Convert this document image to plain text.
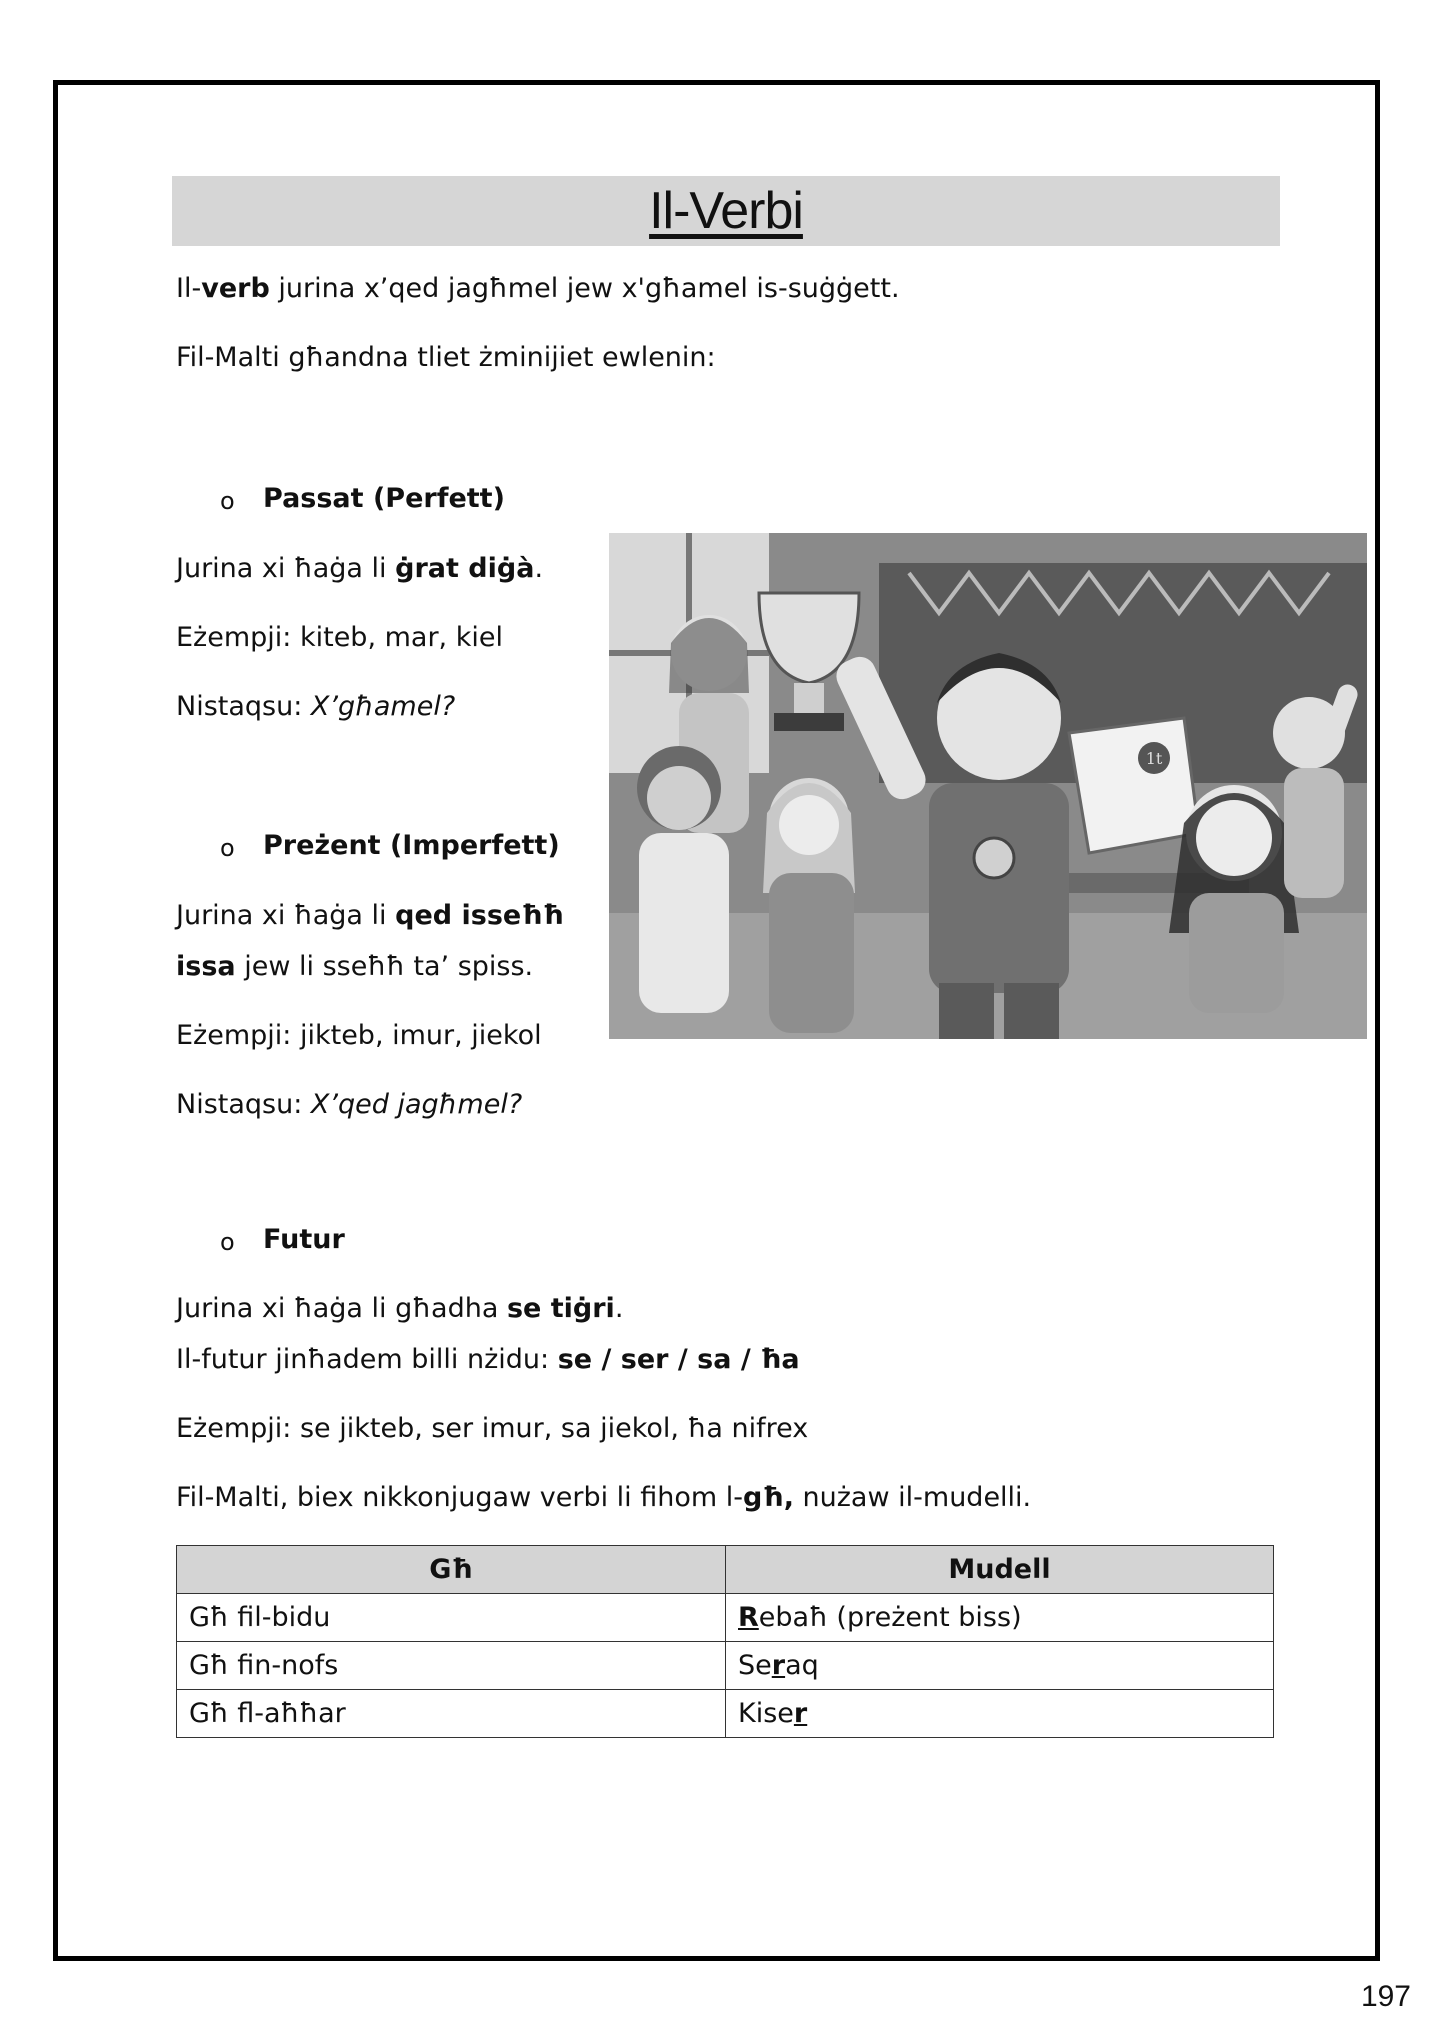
Il-Verbi
Il-verb jurina x’qed jagħmel jew x'għamel is-suġġett.
Fil-Malti għandna tliet żminijiet ewlenin:
o Passat (Perfett)
Jurina xi ħaġa li ġrat diġà.
Eżempji: kiteb, mar, kiel
Nistaqsu: X’għamel?
o Preżent (Imperfett)
Jurina xi ħaġa li qed isseħħ
issa jew li sseħħ ta’ spiss.
Eżempji: jikteb, imur, jiekol
Nistaqsu: X’qed jagħmel?
o Futur
Jurina xi ħaġa li għadha se tiġri.
Il-futur jinħadem billi nżidu: se / ser / sa / ħa
Eżempji: se jikteb, ser imur, sa jiekol, ħa nifrex
Fil-Malti, biex nikkonjugaw verbi li fihom l-għ, nużaw il-mudelli.
1t
Għ	Mudell
Għ fil-bidu	Rebaħ (preżent biss)
Għ fin-nofs	Seraq
Għ fl-aħħar	Kiser
197
